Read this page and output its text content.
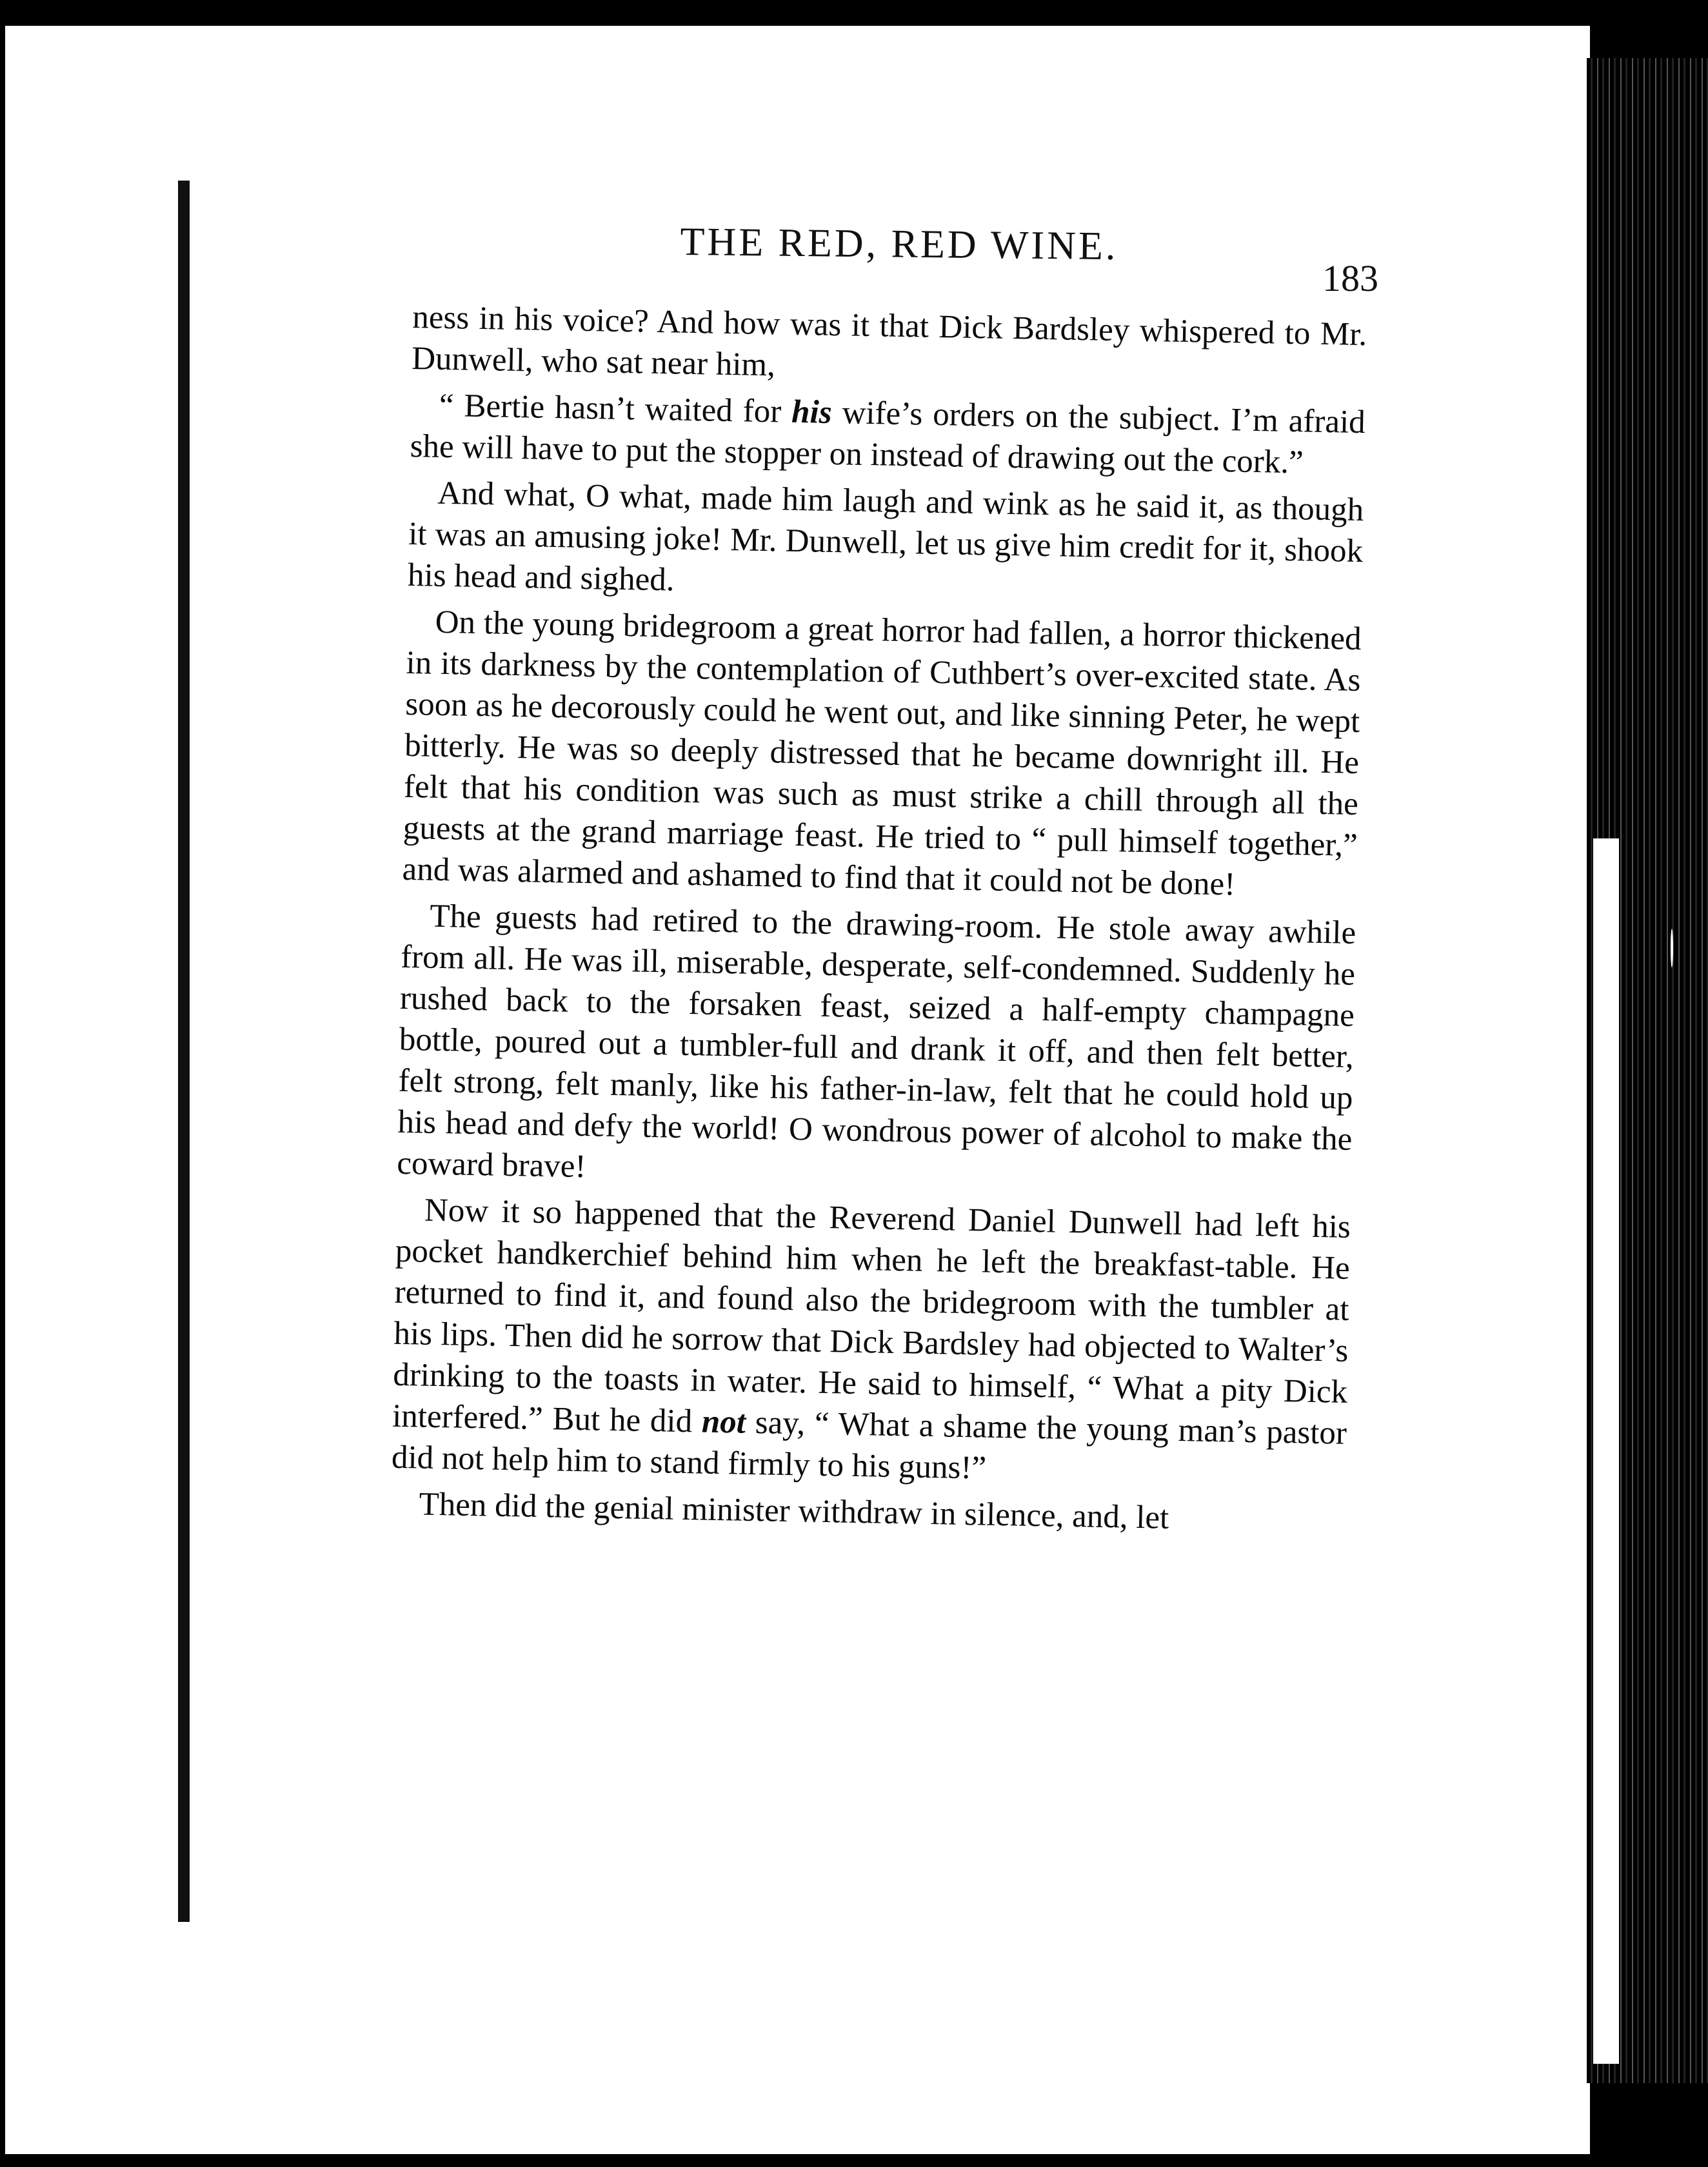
✢
THE RED, RED WINE.
183

ness in his voice? And how was it that Dick Bardsley whispered to Mr. Dunwell, who sat near him,

“ Bertie hasn’t waited for his wife’s orders on the subject. I’m afraid she will have to put the stopper on instead of drawing out the cork.”

And what, O what, made him laugh and wink as he said it, as though it was an amusing joke! Mr. Dunwell, let us give him credit for it, shook his head and sighed.

On the young bridegroom a great horror had fallen, a horror thickened in its darkness by the contemplation of Cuthbert’s over-excited state. As soon as he decorously could he went out, and like sinning Peter, he wept bitterly. He was so deeply distressed that he became downright ill. He felt that his condition was such as must strike a chill through all the guests at the grand marriage feast. He tried to “ pull himself together,” and was alarmed and ashamed to find that it could not be done!

The guests had retired to the drawing-room. He stole away awhile from all. He was ill, miserable, desperate, self-condemned. Suddenly he rushed back to the forsaken feast, seized a half-empty champagne bottle, poured out a tumbler-full and drank it off, and then felt better, felt strong, felt manly, like his father-in-law, felt that he could hold up his head and defy the world! O wondrous power of alcohol to make the coward brave!

Now it so happened that the Reverend Daniel Dunwell had left his pocket handkerchief behind him when he left the breakfast-table. He returned to find it, and found also the bridegroom with the tumbler at his lips. Then did he sorrow that Dick Bardsley had objected to Walter’s drinking to the toasts in water. He said to himself, “ What a pity Dick interfered.” But he did not say, “ What a shame the young man’s pastor did not help him to stand firmly to his guns!”

Then did the genial minister withdraw in silence, and, let
